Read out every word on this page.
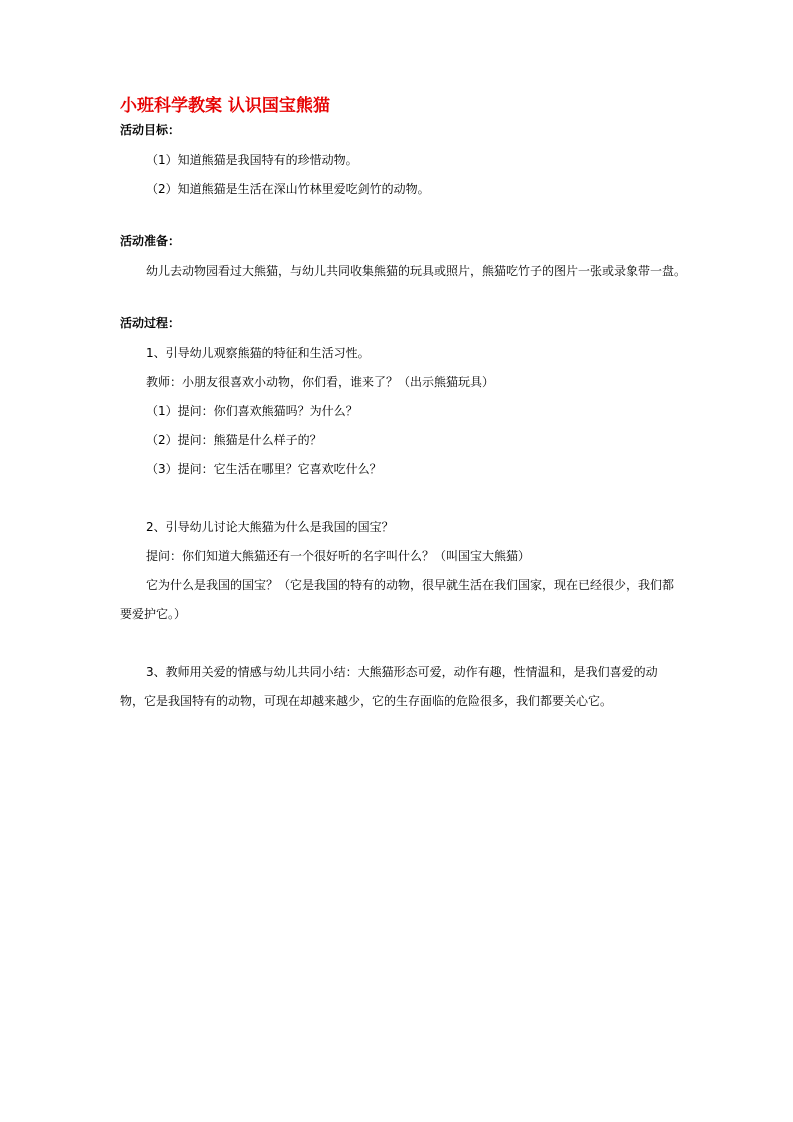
小班科学教案 认识国宝熊猫
活动目标：
（1）知道熊猫是我国特有的珍惜动物。
（2）知道熊猫是生活在深山竹林里爱吃剑竹的动物。
活动准备：
幼儿去动物园看过大熊猫，与幼儿共同收集熊猫的玩具或照片，熊猫吃竹子的图片一张或录象带一盘。
活动过程：
1、引导幼儿观察熊猫的特征和生活习性。
教师：小朋友很喜欢小动物，你们看，谁来了？（出示熊猫玩具）
（1）提问：你们喜欢熊猫吗？为什么？
（2）提问：熊猫是什么样子的？
（3）提问：它生活在哪里？它喜欢吃什么？
2、引导幼儿讨论大熊猫为什么是我国的国宝？
提问：你们知道大熊猫还有一个很好听的名字叫什么？（叫国宝大熊猫）

它为什么是我国的国宝？（它是我国的特有的动物，很早就生活在我们国家，现在已经很少，我们都要爱护它。）

3、教师用关爱的情感与幼儿共同小结：大熊猫形态可爱，动作有趣，性情温和，是我们喜爱的动物，它是我国特有的动物，可现在却越来越少，它的生存面临的危险很多，我们都要关心它。
